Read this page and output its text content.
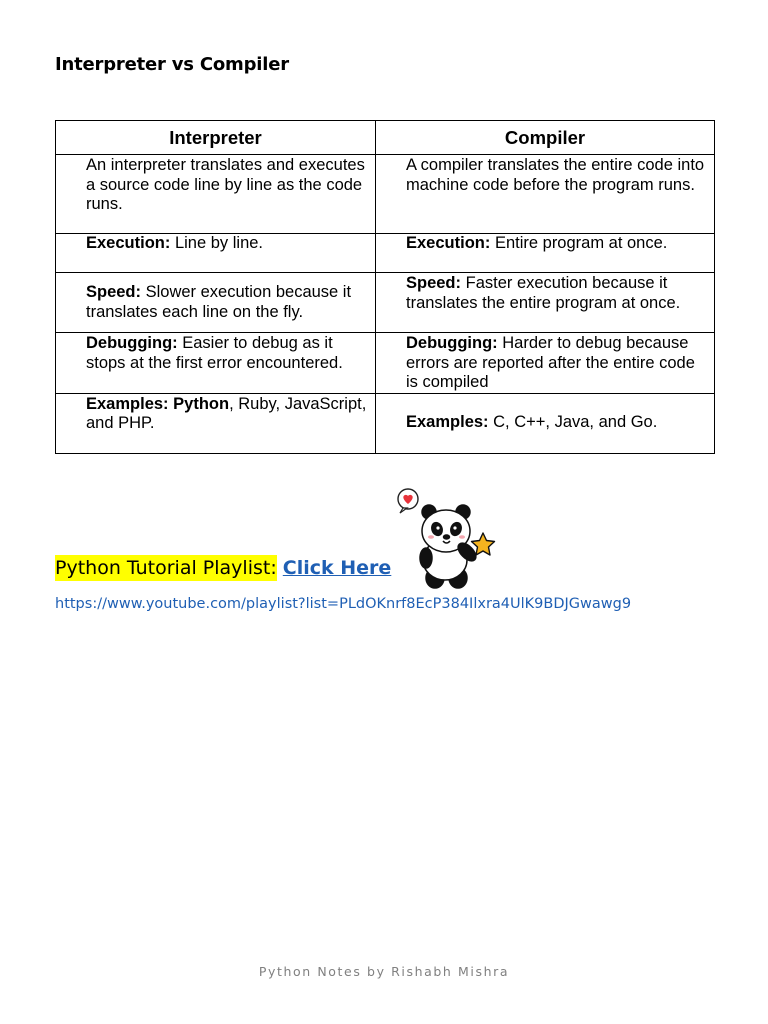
Interpreter vs Compiler
Interpreter	Compiler
An interpreter translates and executes a source code line by line as the code runs.	A compiler translates the entire code into machine code before the program runs.
Execution: Line by line.	Execution: Entire program at once.
Speed: Slower execution because it translates each line on the fly.	Speed: Faster execution because it translates the entire program at once.
Debugging: Easier to debug as it stops at the first error encountered.	Debugging: Harder to debug because errors are reported after the entire code is compiled
Examples: Python, Ruby, JavaScript, and PHP.	Examples: C, C++, Java, and Go.
Python Tutorial Playlist: Click Here
https://www.youtube.com/playlist?list=PLdOKnrf8EcP384Ilxra4UlK9BDJGwawg9
Python Notes by Rishabh Mishra
